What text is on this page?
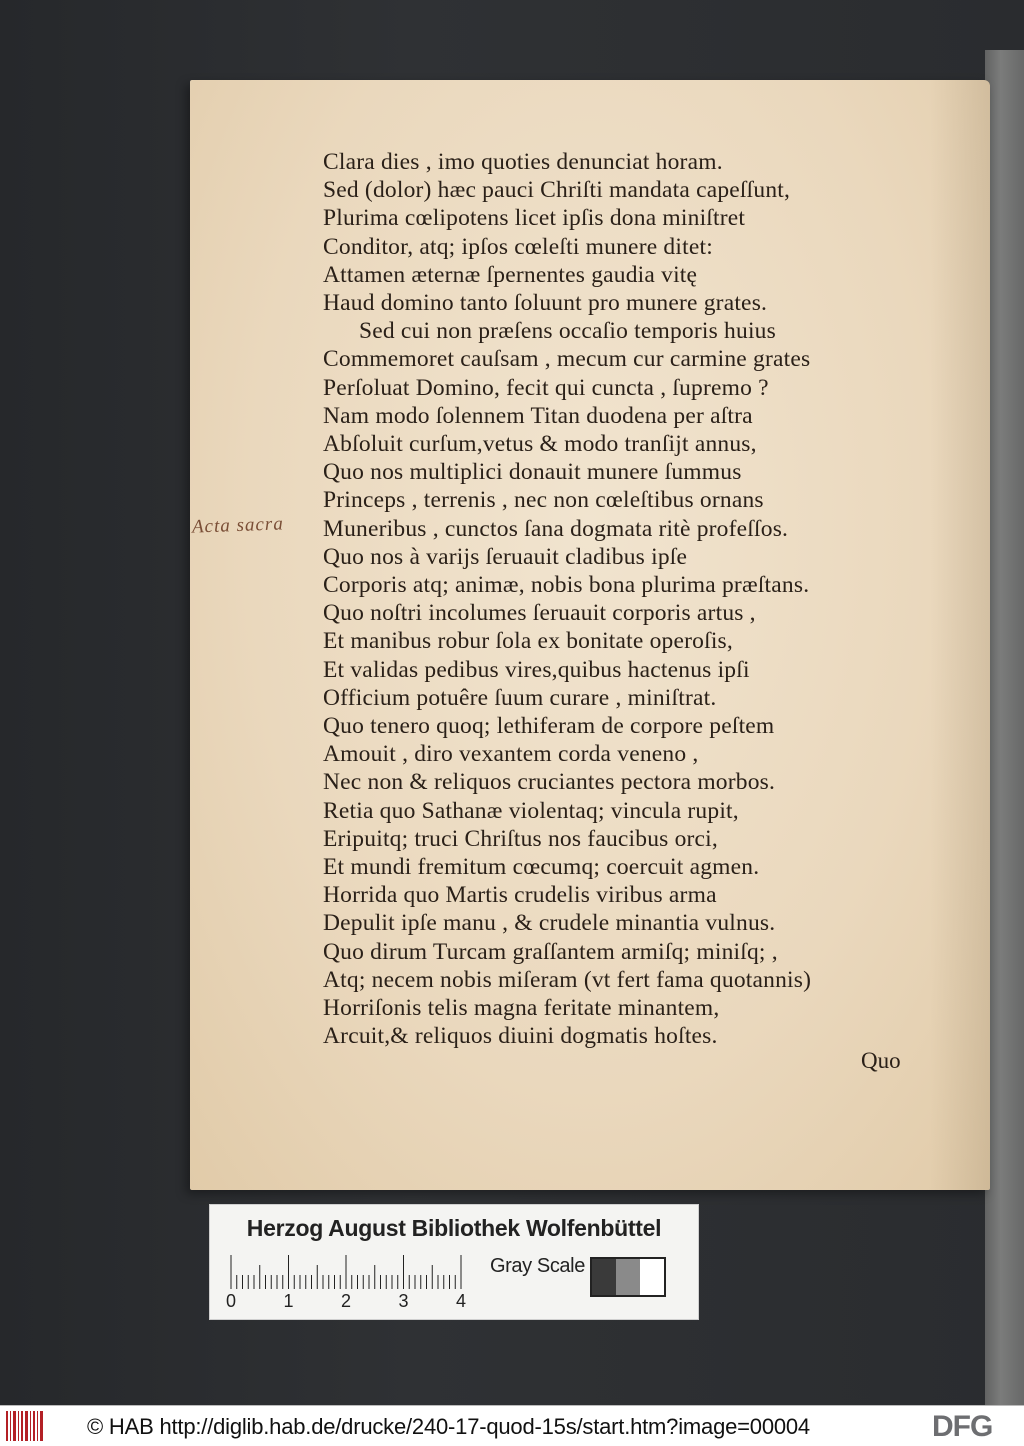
Acta sacra
Clara dies , imo quoties denunciat horam.
Sed (dolor) hæc pauci Chriſti mandata capeſſunt,
Plurima cœlipotens licet ipſis dona miniſtret
Conditor, atq; ipſos cœleſti munere ditet:
Attamen æternæ ſpernentes gaudia vitę
Haud domino tanto ſoluunt pro munere grates.
Sed cui non præſens occaſio temporis huius
Commemoret cauſsam , mecum cur carmine grates
Perſoluat Domino, fecit qui cuncta , ſupremo ?
Nam modo ſolennem Titan duodena per aſtra
Abſoluit curſum,vetus & modo tranſijt annus,
Quo nos multiplici donauit munere ſummus
Princeps , terrenis , nec non cœleſtibus ornans
Muneribus , cunctos ſana dogmata ritè profeſſos.
Quo nos à varijs ſeruauit cladibus ipſe
Corporis atq; animæ, nobis bona plurima præſtans.
Quo noſtri incolumes ſeruauit corporis artus ,
Et manibus robur ſola ex bonitate operoſis,
Et validas pedibus vires,quibus hactenus ipſi
Officium potuêre ſuum curare , miniſtrat.
Quo tenero quoq; lethiferam de corpore peſtem
Amouit , diro vexantem corda veneno ,
Nec non & reliquos cruciantes pectora morbos.
Retia quo Sathanæ violentaq; vincula rupit,
Eripuitq; truci Chriſtus nos faucibus orci,
Et mundi fremitum cœcumq; coercuit agmen.
Horrida quo Martis crudelis viribus arma
Depulit ipſe manu , & crudele minantia vulnus.
Quo dirum Turcam graſſantem armiſq; miniſq; ,
Atq; necem nobis miſeram (vt fert fama quotannis)
Horriſonis telis magna feritate minantem,
Arcuit,& reliquos diuini dogmatis hoſtes.
Quo
Herzog August Bibliothek Wolfenbüttel
0	1	2	3	4
Gray Scale
© HAB http://diglib.hab.de/drucke/240-17-quod-15s/start.htm?image=00004	DFG
